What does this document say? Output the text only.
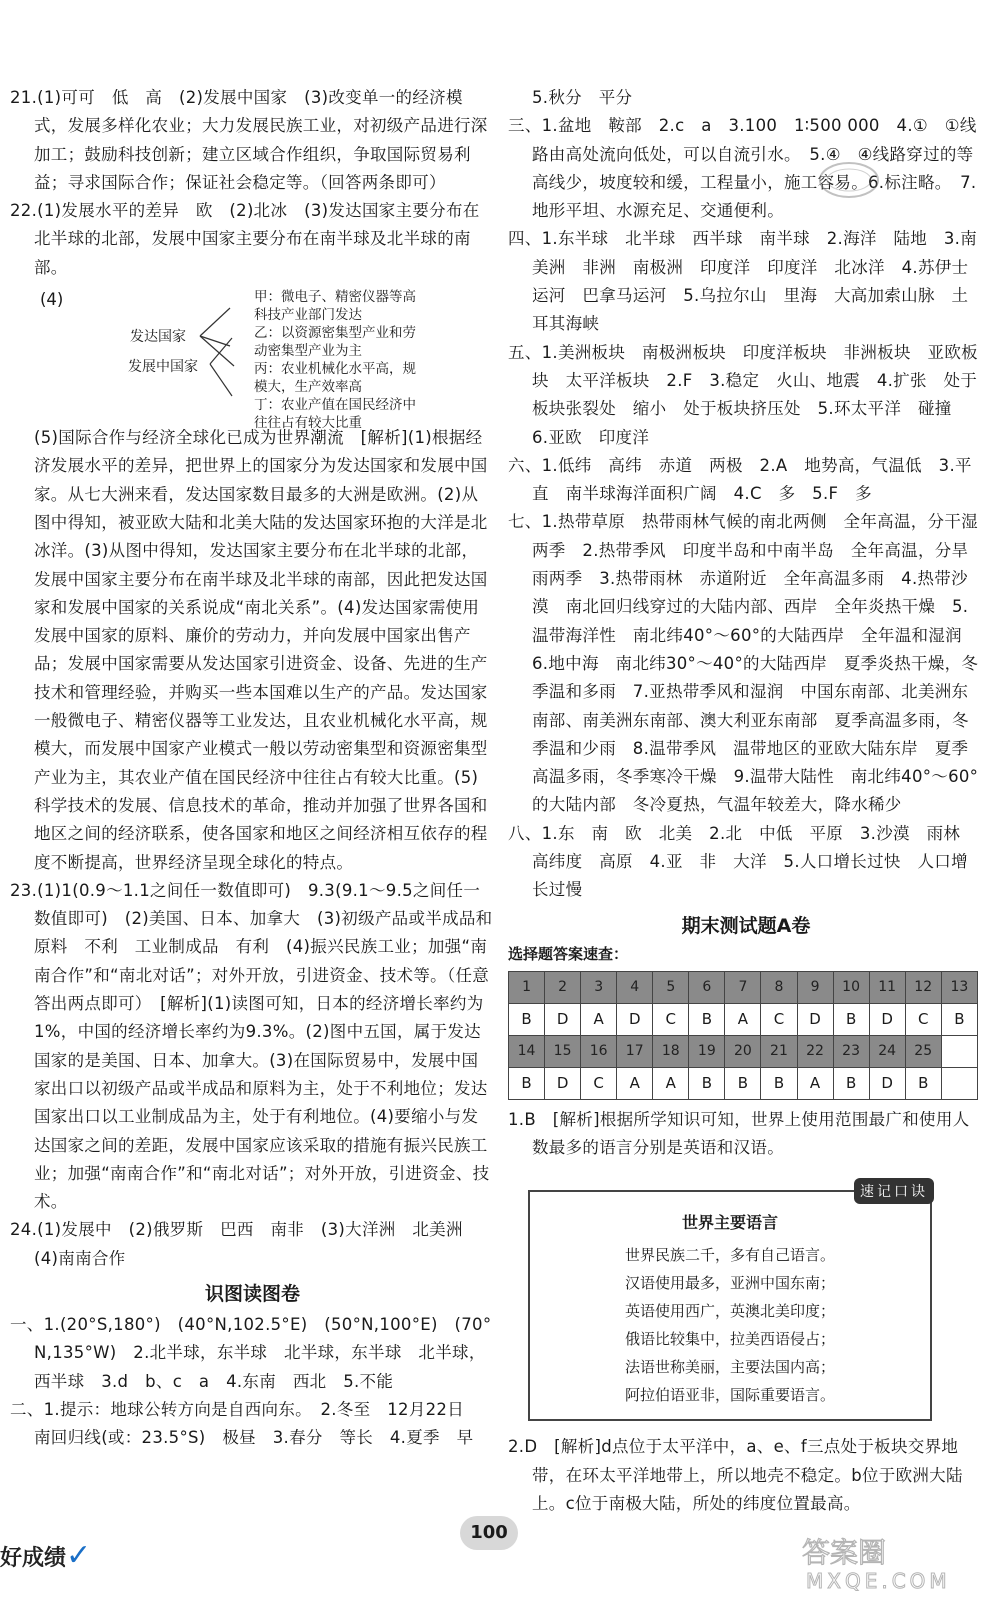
21.(1)可可　低　高　(2)发展中国家　(3)改变单一的经济模式，发展多样化农业；大力发展民族工业，对初级产品进行深加工；鼓励科技创新；建立区域合作组织，争取国际贸易利益；寻求国际合作；保证社会稳定等。（回答两条即可）

22.(1)发展水平的差异　欧　(2)北冰　(3)发达国家主要分布在北半球的北部，发展中国家主要分布在南半球及北半球的南部。

(4)
发达国家
发展中国家
甲：微电子、精密仪器等高科技产业部门发达
乙：以资源密集型产业和劳动密集型产业为主
丙：农业机械化水平高，规模大，生产效率高
丁：农业产值在国民经济中往往占有较大比重

(5)国际合作与经济全球化已成为世界潮流　[解析](1)根据经济发展水平的差异，把世界上的国家分为发达国家和发展中国家。从七大洲来看，发达国家数目最多的大洲是欧洲。(2)从图中得知，被亚欧大陆和北美大陆的发达国家环抱的大洋是北冰洋。(3)从图中得知，发达国家主要分布在北半球的北部，发展中国家主要分布在南半球及北半球的南部，因此把发达国家和发展中国家的关系说成“南北关系”。(4)发达国家需使用发展中国家的原料、廉价的劳动力，并向发展中国家出售产品；发展中国家需要从发达国家引进资金、设备、先进的生产技术和管理经验，并购买一些本国难以生产的产品。发达国家一般微电子、精密仪器等工业发达，且农业机械化水平高，规模大，而发展中国家产业模式一般以劳动密集型和资源密集型产业为主，其农业产值在国民经济中往往占有较大比重。(5)科学技术的发展、信息技术的革命，推动并加强了世界各国和地区之间的经济联系，使各国家和地区之间经济相互依存的程度不断提高，世界经济呈现全球化的特点。

23.(1)1(0.9～1.1之间任一数值即可)　9.3(9.1～9.5之间任一数值即可)　(2)美国、日本、加拿大　(3)初级产品或半成品和原料　不利　工业制成品　有利　(4)振兴民族工业；加强“南南合作”和“南北对话”；对外开放，引进资金、技术等。（任意答出两点即可）　[解析](1)读图可知，日本的经济增长率约为1%，中国的经济增长率约为9.3%。(2)图中五国，属于发达国家的是美国、日本、加拿大。(3)在国际贸易中，发展中国家出口以初级产品或半成品和原料为主，处于不利地位；发达国家出口以工业制成品为主，处于有利地位。(4)要缩小与发达国家之间的差距，发展中国家应该采取的措施有振兴民族工业；加强“南南合作”和“南北对话”；对外开放，引进资金、技术。

24.(1)发展中　(2)俄罗斯　巴西　南非　(3)大洋洲　北美洲　(4)南南合作

识图读图卷

一、1.(20°S,180°)　(40°N,102.5°E)　(50°N,100°E)　(70°N,135°W)　2.北半球，东半球　北半球，东半球　北半球，西半球　3.d　b、c　a　4.东南　西北　5.不能

二、1.提示：地球公转方向是自西向东。　2.冬至　12月22日　南回归线(或：23.5°S)　极昼　3.春分　等长　4.夏季　早

5.秋分　平分

三、1.盆地　鞍部　2.c　a　3.100　1∶500 000　4.①　①线路由高处流向低处，可以自流引水。　5.④　④线路穿过的等高线少，坡度较和缓，工程量小，施工容易。6.标注略。　7.地形平坦、水源充足、交通便利。

四、1.东半球　北半球　西半球　南半球　2.海洋　陆地　3.南美洲　非洲　南极洲　印度洋　印度洋　北冰洋　4.苏伊士运河　巴拿马运河　5.乌拉尔山　里海　大高加索山脉　土耳其海峡

五、1.美洲板块　南极洲板块　印度洋板块　非洲板块　亚欧板块　太平洋板块　2.F　3.稳定　火山、地震　4.扩张　处于板块张裂处　缩小　处于板块挤压处　5.环太平洋　碰撞　6.亚欧　印度洋

六、1.低纬　高纬　赤道　两极　2.A　地势高，气温低　3.平直　南半球海洋面积广阔　4.C　多　5.F　多

七、1.热带草原　热带雨林气候的南北两侧　全年高温，分干湿两季　2.热带季风　印度半岛和中南半岛　全年高温，分旱雨两季　3.热带雨林　赤道附近　全年高温多雨　4.热带沙漠　南北回归线穿过的大陆内部、西岸　全年炎热干燥　5.温带海洋性　南北纬40°～60°的大陆西岸　全年温和湿润　6.地中海　南北纬30°～40°的大陆西岸　夏季炎热干燥，冬季温和多雨　7.亚热带季风和湿润　中国东南部、北美洲东南部、南美洲东南部、澳大利亚东南部　夏季高温多雨，冬季温和少雨　8.温带季风　温带地区的亚欧大陆东岸　夏季高温多雨，冬季寒冷干燥　9.温带大陆性　南北纬40°～60°的大陆内部　冬冷夏热，气温年较差大，降水稀少

八、1.东　南　欧　北美　2.北　中低　平原　3.沙漠　雨林　高纬度　高原　4.亚　非　大洋　5.人口增长过快　人口增长过慢

期末测试题A卷
选择题答案速查：
1	2	3	4	5	6	7	8	9	10	11	12	13
B	D	A	D	C	B	A	C	D	B	D	C	B
14	15	16	17	18	19	20	21	22	23	24	25	
B	D	C	A	A	B	B	B	A	B	D	B	

1.B　[解析]根据所学知识可知，世界上使用范围最广和使用人数最多的语言分别是英语和汉语。

速记口诀
世界主要语言
世界民族二千，多有自己语言。
汉语使用最多，亚洲中国东南；
英语使用西广，英澳北美印度；
俄语比较集中，拉美西语侵占；
法语世称美丽，主要法国内高；
阿拉伯语亚非，国际重要语言。

2.D　[解析]d点位于太平洋中，a、e、f三点处于板块交界地带，在环太平洋地带上，所以地壳不稳定。b位于欧洲大陆上。c位于南极大陆，所处的纬度位置最高。

好成绩✓
100
答案圈
MXQE.COM
